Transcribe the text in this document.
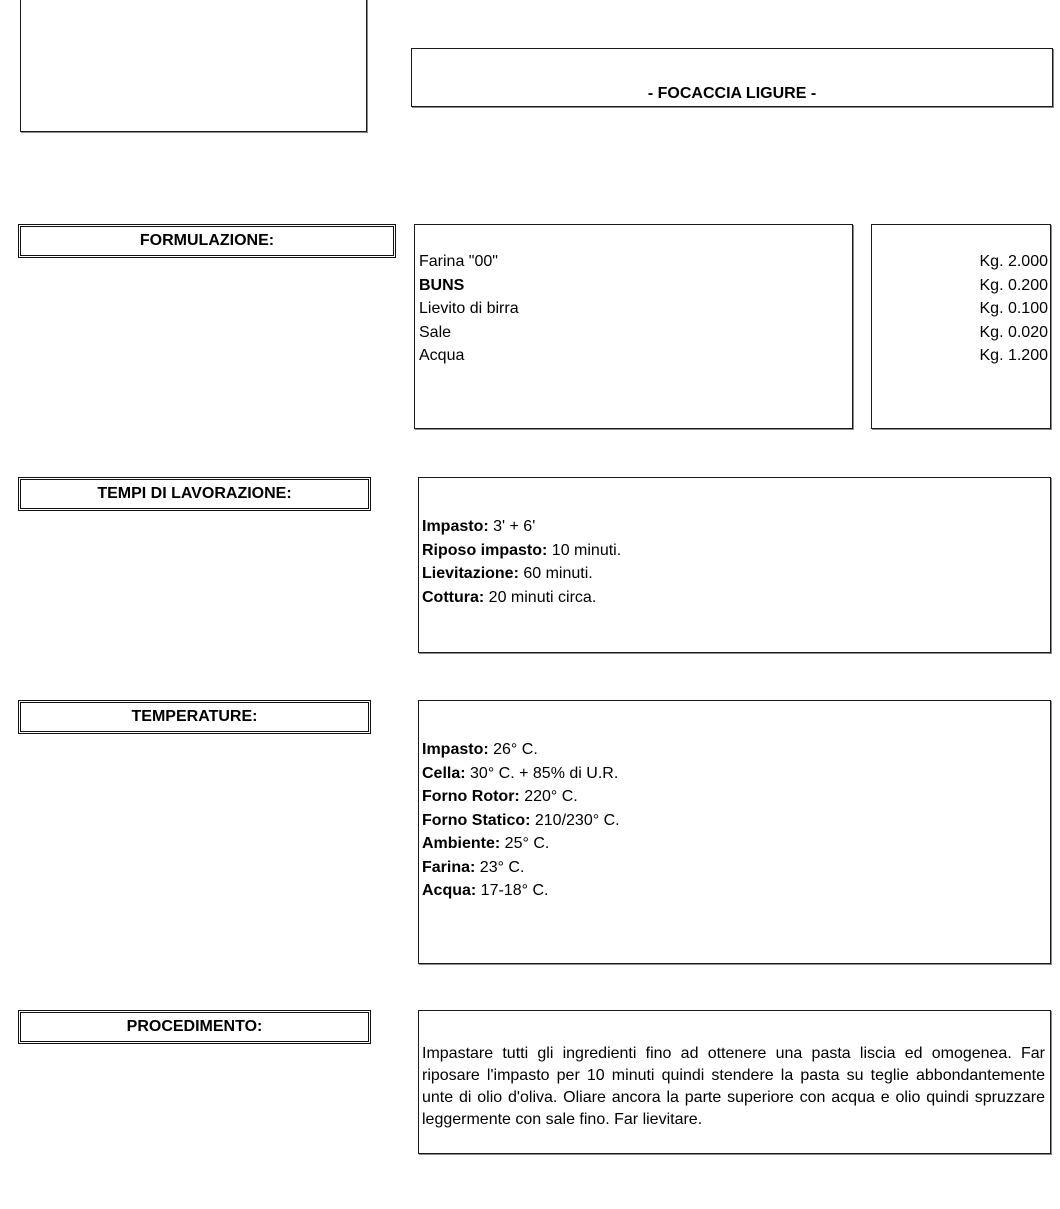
- FOCACCIA LIGURE -
FORMULAZIONE:
Farina "00"
BUNS
Lievito di birra
Sale
Acqua
Kg. 2.000
Kg. 0.200
Kg. 0.100
Kg. 0.020
Kg. 1.200
TEMPI DI LAVORAZIONE:
Impasto: 3' + 6'
Riposo impasto: 10 minuti.
Lievitazione: 60 minuti.
Cottura: 20 minuti circa.
TEMPERATURE:
Impasto: 26° C.
Cella: 30° C. + 85% di U.R.
Forno Rotor: 220° C.
Forno Statico: 210/230° C.
Ambiente: 25° C.
Farina: 23° C.
Acqua: 17-18° C.
PROCEDIMENTO:
Impastare tutti gli ingredienti fino ad ottenere una pasta liscia ed omogenea. Far riposare l'impasto per 10 minuti quindi stendere la pasta su teglie abbondantemente unte di olio d'oliva. Oliare ancora la parte superiore con acqua e olio quindi spruzzare leggermente con sale fino. Far lievitare.
